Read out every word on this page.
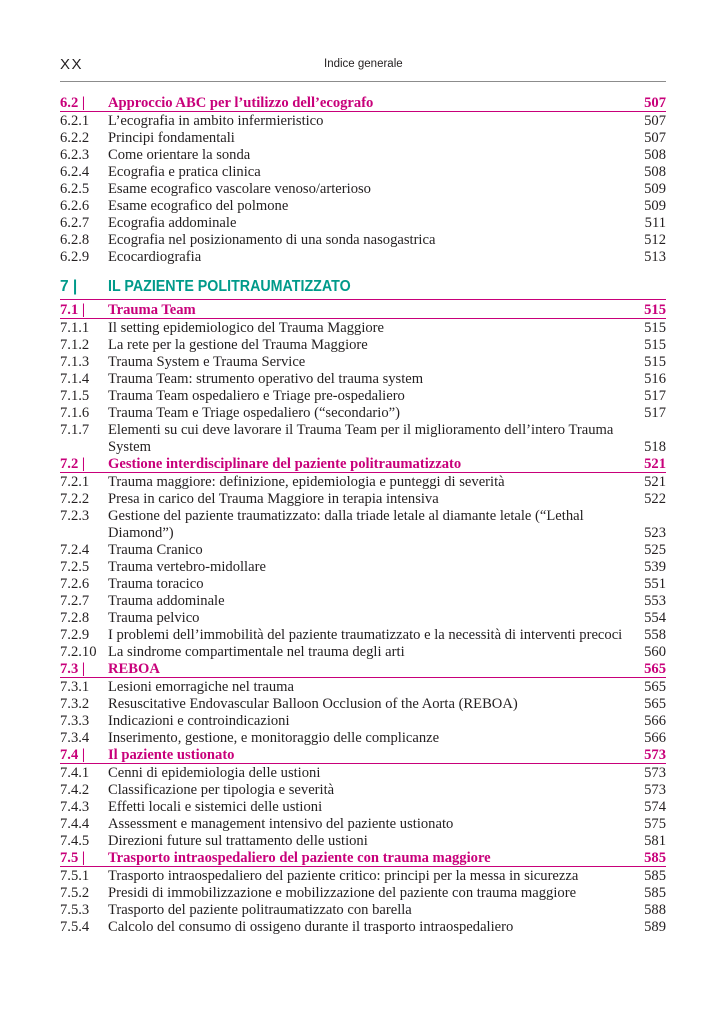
XX	Indice generale
6.2 | Approccio ABC per l’utilizzo dell’ecografo	507
6.2.1 L’ecografia in ambito infermieristico	507
6.2.2 Principi fondamentali	507
6.2.3 Come orientare la sonda	508
6.2.4 Ecografia e pratica clinica	508
6.2.5 Esame ecografico vascolare venoso/arterioso	509
6.2.6 Esame ecografico del polmone	509
6.2.7 Ecografia addominale	511
6.2.8 Ecografia nel posizionamento di una sonda nasogastrica	512
6.2.9 Ecocardiografia	513
7 | IL PAZIENTE POLITRAUMATIZZATO
7.1 | Trauma Team	515
7.1.1 Il setting epidemiologico del Trauma Maggiore	515
7.1.2 La rete per la gestione del Trauma Maggiore	515
7.1.3 Trauma System e Trauma Service	515
7.1.4 Trauma Team: strumento operativo del trauma system	516
7.1.5 Trauma Team ospedaliero e Triage pre-ospedaliero	517
7.1.6 Trauma Team e Triage ospedaliero (“secondario”)	517
7.1.7 Elementi su cui deve lavorare il Trauma Team per il miglioramento dell’intero Trauma System	518
7.2 | Gestione interdisciplinare del paziente politraumatizzato	521
7.2.1 Trauma maggiore: definizione, epidemiologia e punteggi di severità	521
7.2.2 Presa in carico del Trauma Maggiore in terapia intensiva	522
7.2.3 Gestione del paziente traumatizzato: dalla triade letale al diamante letale (“Lethal Diamond”)	523
7.2.4 Trauma Cranico	525
7.2.5 Trauma vertebro-midollare	539
7.2.6 Trauma toracico	551
7.2.7 Trauma addominale	553
7.2.8 Trauma pelvico	554
7.2.9 I problemi dell’immobilità del paziente traumatizzato e la necessità di interventi precoci 558
7.2.10 La sindrome compartimentale nel trauma degli arti	560
7.3 | REBOA	565
7.3.1 Lesioni emorragiche nel trauma	565
7.3.2 Resuscitative Endovascular Balloon Occlusion of the Aorta (REBOA)	565
7.3.3 Indicazioni e controindicazioni	566
7.3.4 Inserimento, gestione, e monitoraggio delle complicanze	566
7.4 | Il paziente ustionato	573
7.4.1 Cenni di epidemiologia delle ustioni	573
7.4.2 Classificazione per tipologia e severità	573
7.4.3 Effetti locali e sistemici delle ustioni	574
7.4.4 Assessment e management intensivo del paziente ustionato	575
7.4.5 Direzioni future sul trattamento delle ustioni	581
7.5 | Trasporto intraospedaliero del paziente con trauma maggiore	585
7.5.1 Trasporto intraospedaliero del paziente critico: principi per la messa in sicurezza	585
7.5.2 Presidi di immobilizzazione e mobilizzazione del paziente con trauma maggiore	585
7.5.3 Trasporto del paziente politraumatizzato con barella	588
7.5.4 Calcolo del consumo di ossigeno durante il trasporto intraospedaliero	589
